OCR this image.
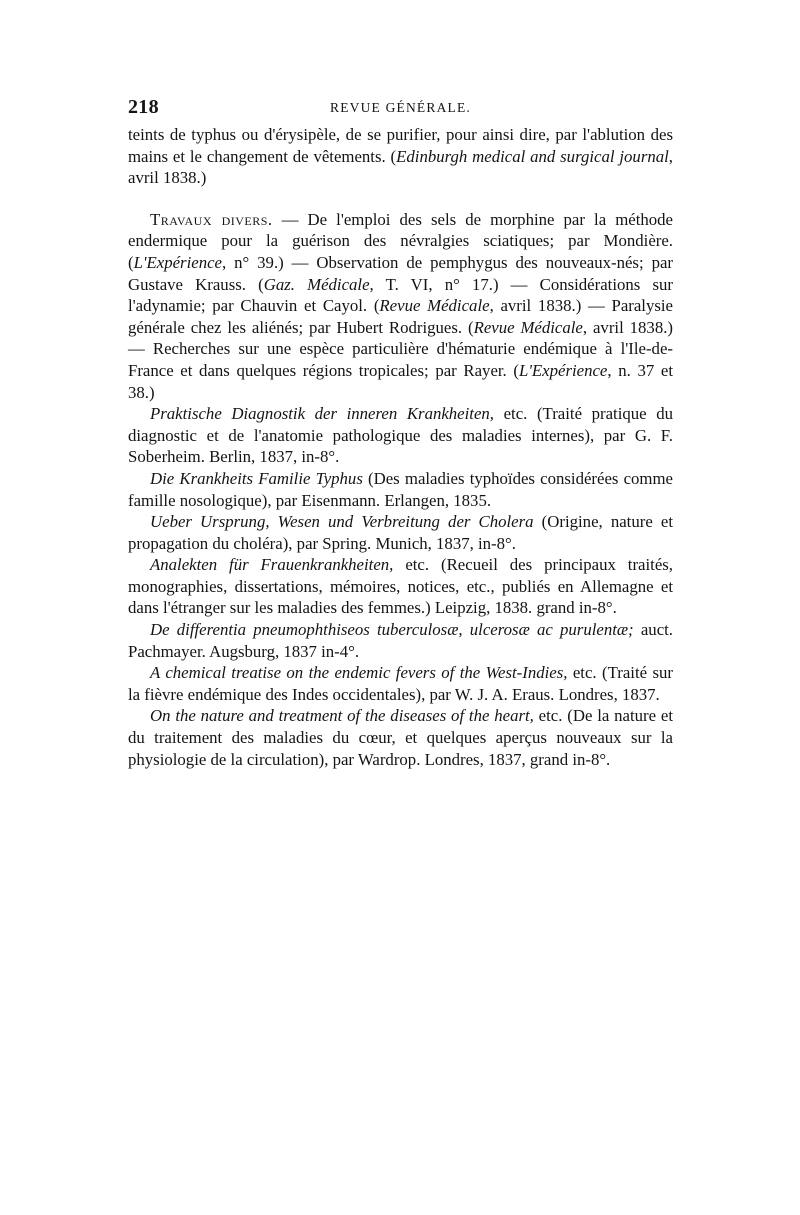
218	REVUE GÉNÉRALE.

teints de typhus ou d'érysipèle, de se purifier, pour ainsi dire, par l'ablution des mains et le changement de vêtements. (Edinburgh medical and surgical journal, avril 1838.)

Travaux divers. — De l'emploi des sels de morphine par la méthode endermique pour la guérison des névralgies sciatiques; par Mondière. (L'Expérience, n° 39.) — Observation de pemphygus des nouveaux-nés; par Gustave Krauss. (Gaz. Médicale, T. VI, n° 17.) — Considérations sur l'adynamie; par Chauvin et Cayol. (Revue Médicale, avril 1838.) — Paralysie générale chez les aliénés; par Hubert Rodrigues. (Revue Médicale, avril 1838.) — Recherches sur une espèce particulière d'hématurie endémique à l'Ile-de-France et dans quelques régions tropicales; par Rayer. (L'Expérience, n. 37 et 38.)

Praktische Diagnostik der inneren Krankheiten, etc. (Traité pratique du diagnostic et de l'anatomie pathologique des maladies internes), par G. F. Soberheim. Berlin, 1837, in-8°.

Die Krankheits Familie Typhus (Des maladies typhoïdes considérées comme famille nosologique), par Eisenmann. Erlangen, 1835.

Ueber Ursprung, Wesen und Verbreitung der Cholera (Origine, nature et propagation du choléra), par Spring. Munich, 1837, in-8°.

Analekten für Frauenkrankheiten, etc. (Recueil des principaux traités, monographies, dissertations, mémoires, notices, etc., publiés en Allemagne et dans l'étranger sur les maladies des femmes.) Leipzig, 1838. grand in-8°.

De differentia pneumophthiseos tuberculosæ, ulcerosæ ac purulentæ; auct. Pachmayer. Augsburg, 1837 in-4°.

A chemical treatise on the endemic fevers of the West-Indies, etc. (Traité sur la fièvre endémique des Indes occidentales), par W. J. A. Eraus. Londres, 1837.

On the nature and treatment of the diseases of the heart, etc. (De la nature et du traitement des maladies du cœur, et quelques aperçus nouveaux sur la physiologie de la circulation), par Wardrop. Londres, 1837, grand in-8°.
